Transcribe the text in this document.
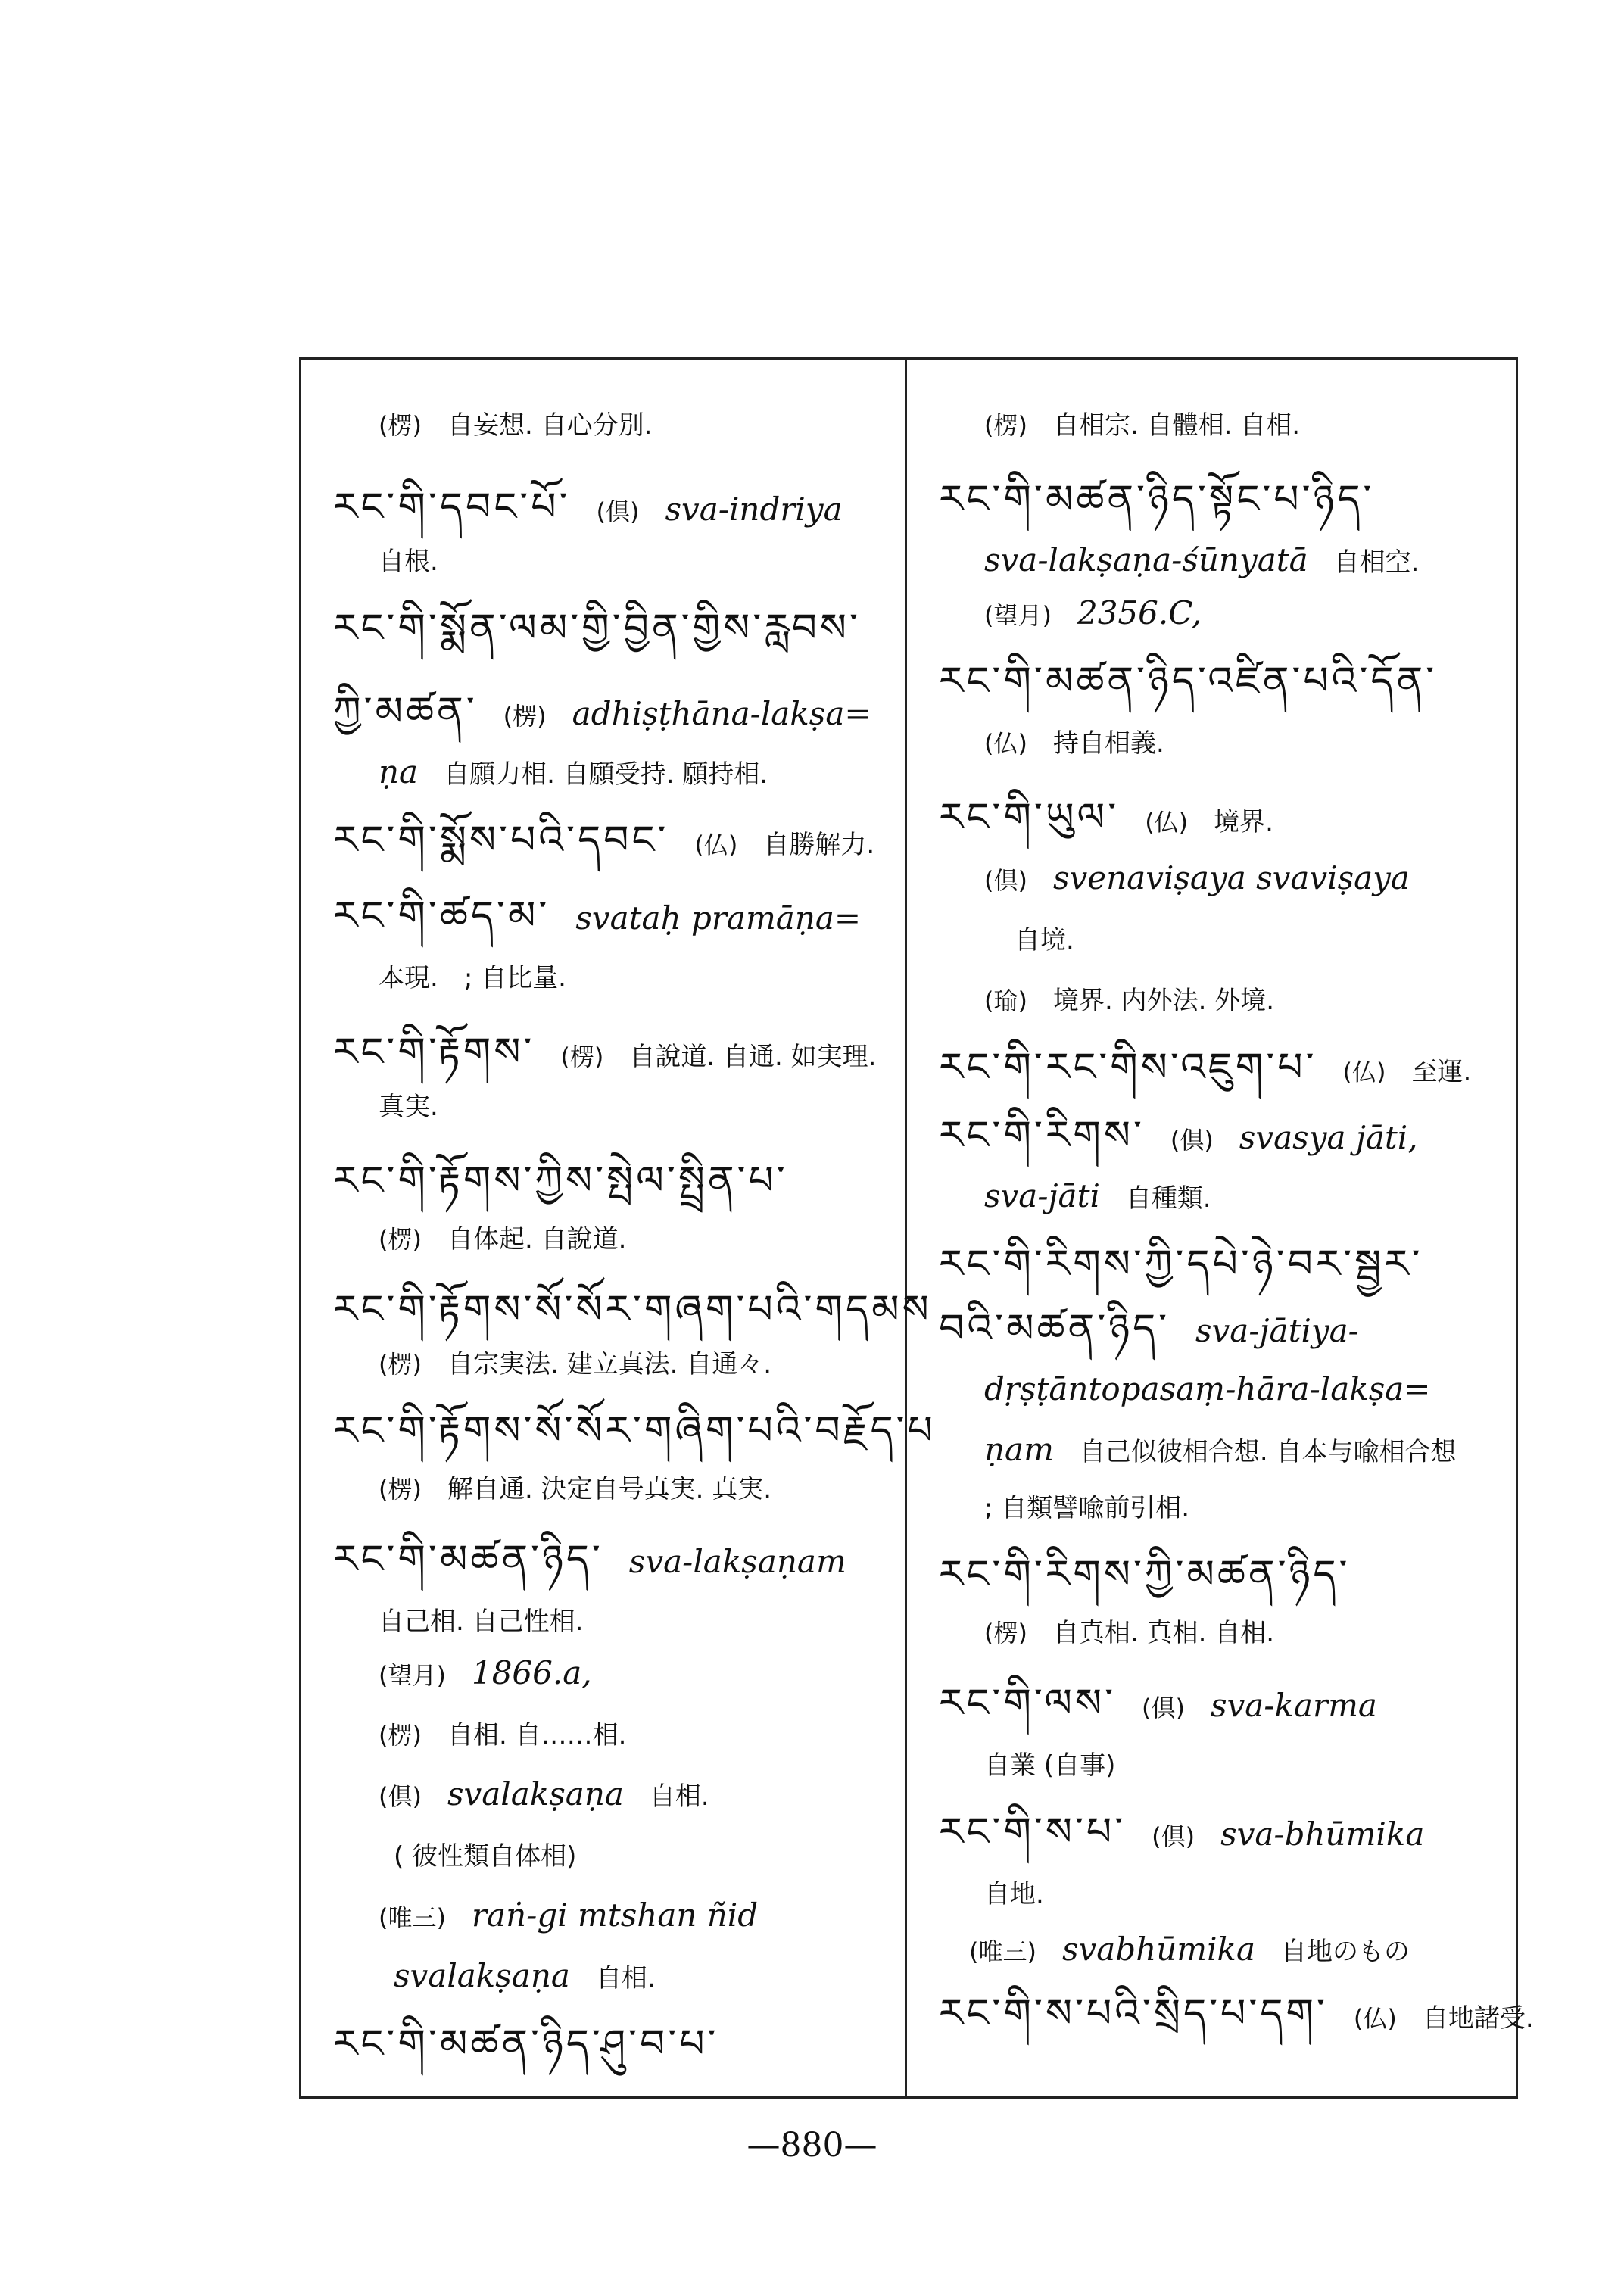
(楞) 自妄想. 自心分別.
རང་གི་དབང་པོ་ (倶) sva-indriya
自根.
རང་གི་སྨོན་ལམ་གྱི་བྱིན་གྱིས་རླབས་
ཀྱི་མཚན་ (楞) adhiṣṭhāna-lakṣa=
ṇa 自願力相. 自願受持. 願持相.
རང་གི་སྨོས་པའི་དབང་ (仏) 自勝解力.
རང་གི་ཚད་མ་ svataḥ pramāṇa=
本現. ; 自比量.
རང་གི་རྟོགས་ (楞) 自說道. 自通. 如実理.
真実.
རང་གི་རྟོགས་ཀྱིས་སྤེལ་སྤྲིན་པ་
(楞) 自体起. 自說道.
རང་གི་རྟོགས་སོ་སོར་གཞག་པའི་གདམས
(楞) 自宗実法. 建立真法. 自通々.
རང་གི་རྟོགས་སོ་སོར་གཞིག་པའི་བརྗོད་པ
(楞) 解自通. 決定自号真実. 真実.
རང་གི་མཚན་ཉིད་ sva-lakṣaṇam
自己相. 自己性相.
(望月) 1866.a,
(楞) 自相. 自……相.
(倶) svalakṣaṇa 自相.
( 彼性類自体相)
(唯三) raṅ-gi mtshan ñid
svalakṣaṇa 自相.
རང་གི་མཚན་ཉིད་ཤུ་བ་པ་
(楞) 自相宗. 自體相. 自相.
རང་གི་མཚན་ཉིད་སྟོང་པ་ཉིད་
sva-lakṣaṇa-śūnyatā 自相空.
(望月) 2356.C,
རང་གི་མཚན་ཉིད་འཛིན་པའི་དོན་
(仏) 持自相義.
རང་གི་ཡུལ་ (仏) 境界.
(倶) svenaviṣaya svaviṣaya
自境.
(瑜) 境界. 内外法. 外境.
རང་གི་རང་གིས་འཇུག་པ་ (仏) 至運.
རང་གི་རིགས་ (倶) svasya jāti,
sva-jāti 自種類.
རང་གི་རིགས་ཀྱི་དཔེ་ཉེ་བར་སྦྱར་
བའི་མཚན་ཉིད་ sva-jātiya-
dṛṣṭāntopasaṃ-hāra-lakṣa=
ṇam 自己似彼相合想. 自本与喩相合想
; 自類譬喩前引相.
རང་གི་རིགས་ཀྱི་མཚན་ཉིད་
(楞) 自真相. 真相. 自相.
རང་གི་ལས་ (倶) sva-karma
自業 (自事)
རང་གི་ས་པ་ (倶) sva-bhūmika
自地.
(唯三) svabhūmika 自地のもの
རང་གི་ས་པའི་སྲིད་པ་དག་ (仏) 自地諸受.
—880—
